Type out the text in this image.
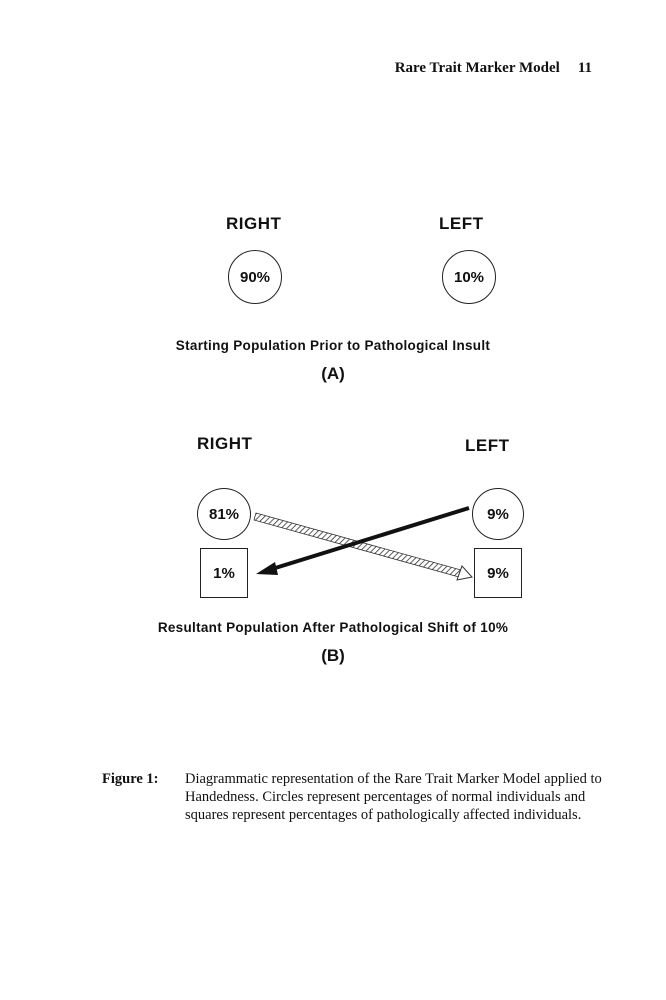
Rare Trait Marker Model 11
RIGHT	LEFT
90%	10%
Starting Population Prior to Pathological Insult
(A)
RIGHT	LEFT
81%	9%
1%	9%
Resultant Population After Pathological Shift of 10%
(B)
Figure 1: Diagrammatic representation of the Rare Trait Marker Model applied to Handedness. Circles represent percentages of normal individuals and squares represent percentages of pathologically affected individuals.
